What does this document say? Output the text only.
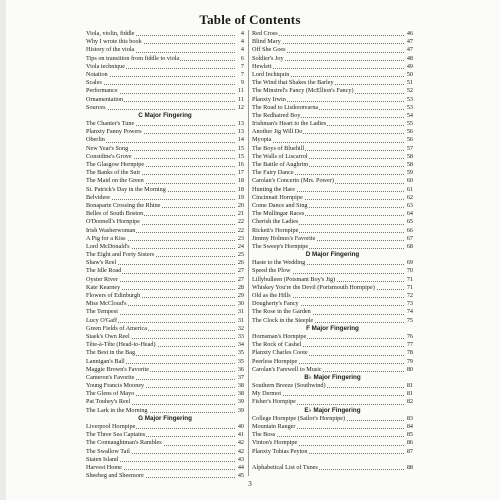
Table of Contents
Viola, violin, fiddle	4
Why I wrote this book	4
History of the viola	4
Tips on transition from fiddle to viola	6
Viola technique	7
Notation	7
Scales	9
Performance	11
Ornamentation	11
Sources	12
C Major Fingering
The Chanter's Tune	13
Planxty Fanny Powers	13
Oberlin	14
New Year's Song	15
Considine's Grove	15
The Glasgow Hornpipe	16
The Banks of the Suir	17
The Maid on the Green	18
St. Patrick's Day in the Morning	18
Belvidere	19
Bonaparte Crossing the Rhine	20
Belles of South Boston	21
O'Donnell's Hornpipe	22
Irish Washerwoman	22
A Pig for a Kiss	23
Lord McDonald's	24
The Eight and Forty Sisters	25
Shaw's Reel	26
The Idle Road	27
Oyster River	27
Kate Kearney	28
Flowers of Edinburgh	29
Miss McCloud's	30
The Tempest	31
Lucy O'Gaff	31
Green Fields of America	32
Staek's Own Reel	33
Tête-à-Tête (Head-to-Head)	34
The Best in the Bag	35
Lannigan's Ball	35
Maggie Brown's Favorite	36
Cameron's Favorite	37
Young Francis Mooney	38
The Glens of Mayo	38
Pat Touhey's Reel	39
The Lark in the Morning	39
G Major Fingering
Liverpool Hornpipe	40
The Three Sea Captains	41
The Connaughtman's Rambles	42
The Swallow Tail	42
Staten Island	43
Harvest Home	44
Sheebeg and Sheemore	45
Red Cross	46
Blind Mary	47
Off She Goes	47
Soldier's Joy	48
Hewlett	49
Lord Inchiquin	50
The Wind that Shakes the Barley	51
The Minstrel's Fancy (McEllion's Fancy)	52
Planxty Irwin	53
The Road to Lisdoonvarna	53
The Redhaired Boy	54
Irishman's Heart to the Ladies	55
Another Jig Will Do	56
Myopia	56
The Boys of Bluehill	57
The Walls of Liscarrol	58
The Battle of Aughrim	58
The Fairy Dance	59
Carolan's Concerto (Mrs. Power)	60
Hunting the Hare	61
Cincinnati Hornpipe	62
Come Dance and Sing	63
The Mullingar Races	64
Cherish the Ladies	65
Rickett's Hornpipe	66
Jimmy Holmes's Favorite	67
The Sweep's Hornpipe	68
D Major Fingering
Haste to the Wedding	69
Speed the Plow	70
Lillybulleen (Potsmant Boy's Jig)	71
Whiskey You're the Devil (Portsmouth Hornpipe)	71
Old as the Hills	72
Dougherty's Fancy	73
The Rose in the Garden	74
The Clock in the Steeple	75
F Major Fingering
Hornsman's Hornpipe	76
The Rock of Cashel	77
Planxty Charles Coote	78
Peerless Hornpipe	79
Carolan's Farewell to Music	80
B♭ Major Fingering
Southern Breeze (Southwind)	81
My Dermot	81
Fisher's Hornpipe	82
E♭ Major Fingering
College Hornpipe (Sailor's Hornpipe)	83
Mountain Ranger	84
The Boss	85
Vinton's Hornpipe	86
Planxty Tobias Peyton	87
Alphabetical List of Tunes	88
3
